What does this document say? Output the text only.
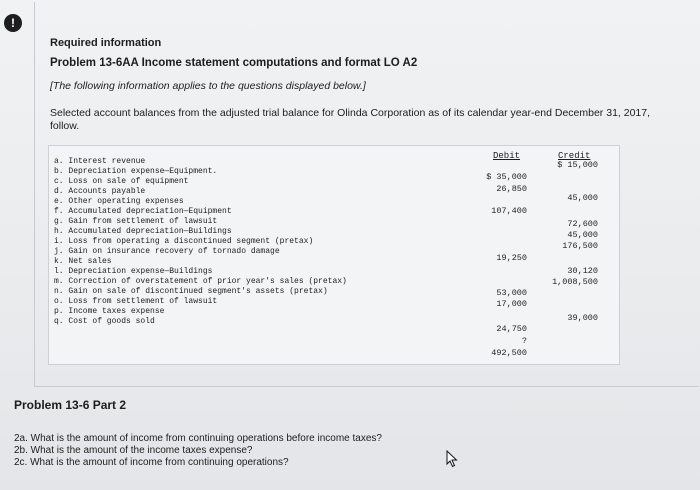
!
Required information
Problem 13-6AA Income statement computations and format LO A2
[The following information applies to the questions displayed below.]
Selected account balances from the adjusted trial balance for Olinda Corporation as of its calendar year-end December 31, 2017, follow.
Debit	Credit
a. Interest revenue	$ 15,000
b. Depreciation expense—Equipment.
$ 35,000
c. Loss on sale of equipment
26,850
d. Accounts payable
45,000
e. Other operating expenses
107,400
f. Accumulated depreciation—Equipment
72,600
g. Gain from settlement of lawsuit
45,000
h. Accumulated depreciation—Buildings
176,500
i. Loss from operating a discontinued segment (pretax)
19,250
j. Gain on insurance recovery of tornado damage
30,120
k. Net sales
1,008,500
l. Depreciation expense—Buildings
53,000
m. Correction of overstatement of prior year's sales (pretax)
17,000
n. Gain on sale of discontinued segment's assets (pretax)
39,000
o. Loss from settlement of lawsuit
24,750
p. Income taxes expense
?
q. Cost of goods sold
492,500
Problem 13-6 Part 2
2a. What is the amount of income from continuing operations before income taxes?
2b. What is the amount of the income taxes expense?
2c. What is the amount of income from continuing operations?
